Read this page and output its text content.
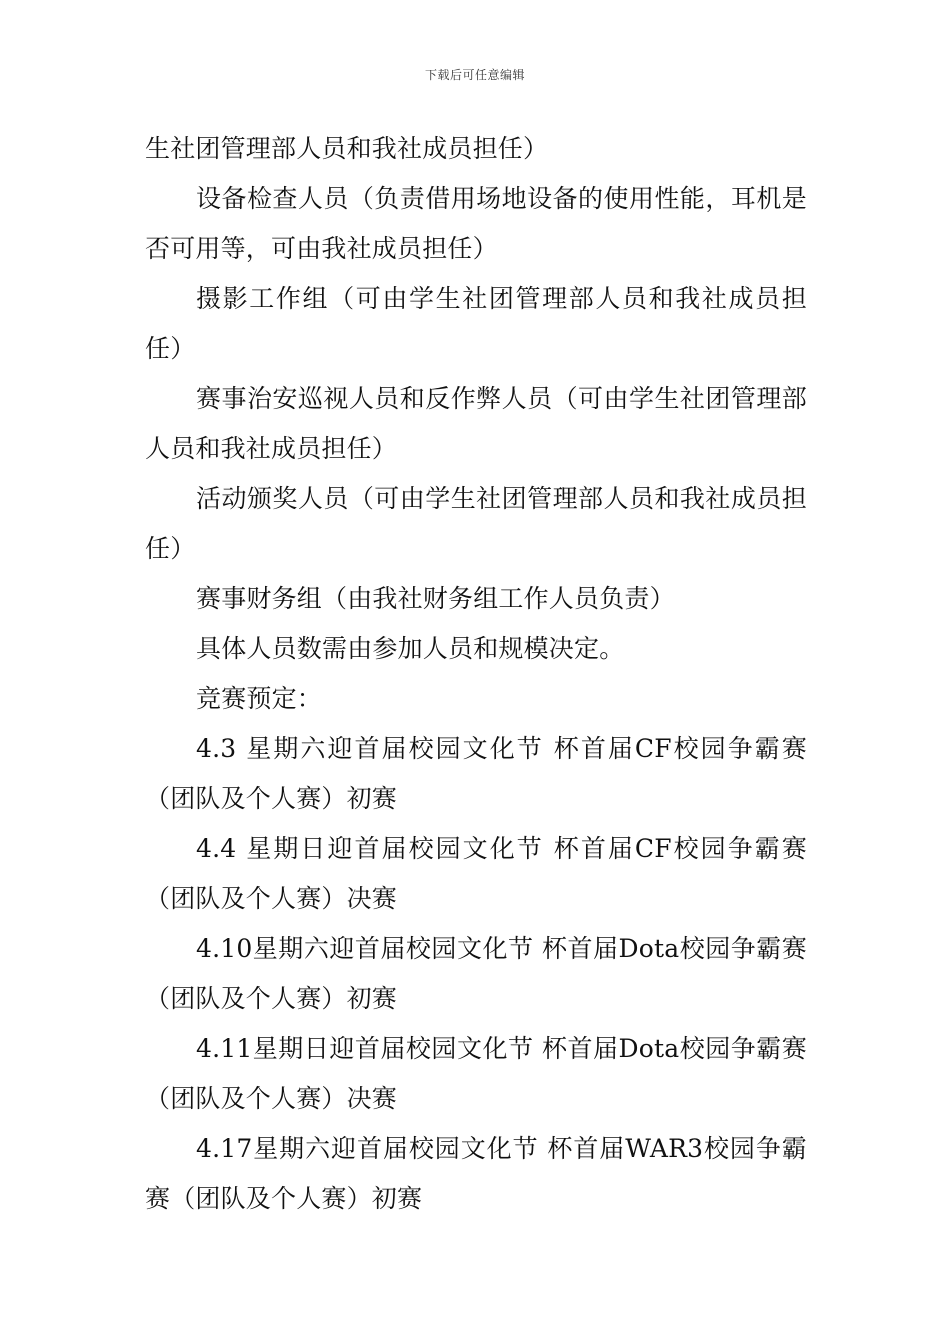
下载后可任意编辑

生社团管理部人员和我社成员担任）

设备检查人员（负责借用场地设备的使用性能，耳机是否可用等，可由我社成员担任）

摄影工作组（可由学生社团管理部人员和我社成员担任）

赛事治安巡视人员和反作弊人员（可由学生社团管理部人员和我社成员担任）

活动颁奖人员（可由学生社团管理部人员和我社成员担任）

赛事财务组（由我社财务组工作人员负责）

具体人员数需由参加人员和规模决定。

竞赛预定：

4.3 星期六迎首届校园文化节 杯首届CF校园争霸赛（团队及个人赛）初赛

4.4 星期日迎首届校园文化节 杯首届CF校园争霸赛（团队及个人赛）决赛

4.10星期六迎首届校园文化节 杯首届Dota校园争霸赛（团队及个人赛）初赛

4.11星期日迎首届校园文化节 杯首届Dota校园争霸赛（团队及个人赛）决赛

4.17星期六迎首届校园文化节 杯首届WAR3校园争霸赛（团队及个人赛）初赛
